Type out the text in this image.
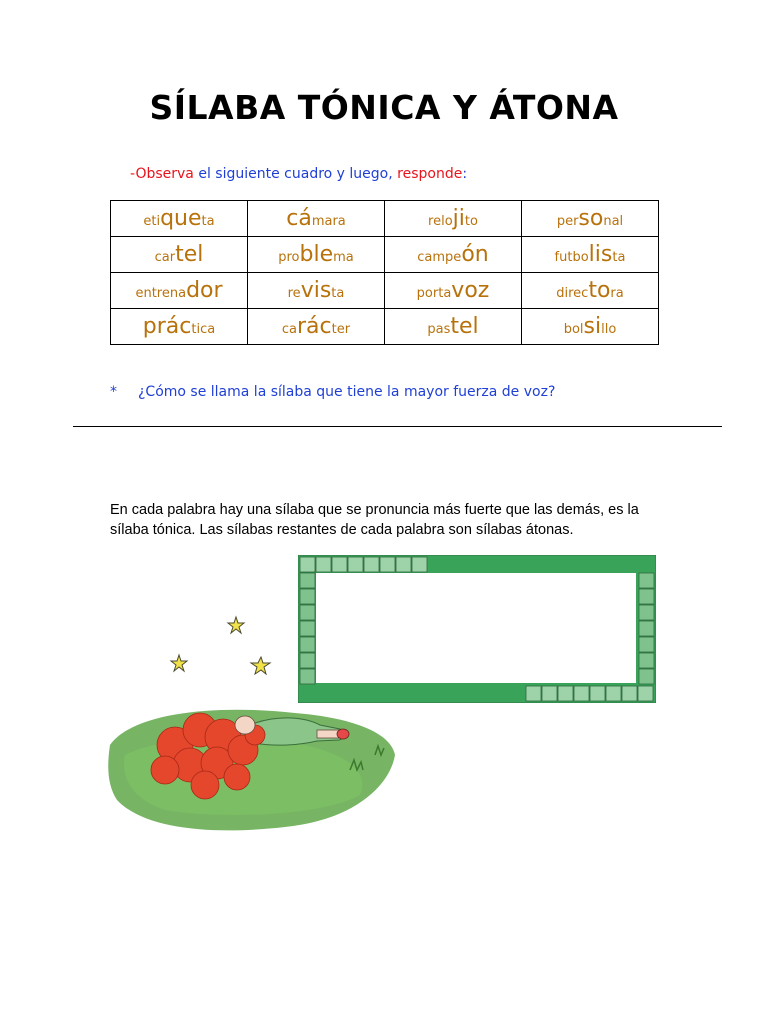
SÍLABA TÓNICA Y ÁTONA
-Observa el siguiente cuadro y luego, responde:
etiqueta	cámara	relojito	personal
cartel	problema	campeón	futbolista
entrenador	revista	portavoz	directora
práctica	carácter	pastel	bolsillo
* ¿Cómo se llama la sílaba que tiene la mayor fuerza de voz?
En cada palabra hay una sílaba que se pronuncia más fuerte que las demás, es la sílaba tónica. Las sílabas restantes de cada palabra son sílabas átonas.
